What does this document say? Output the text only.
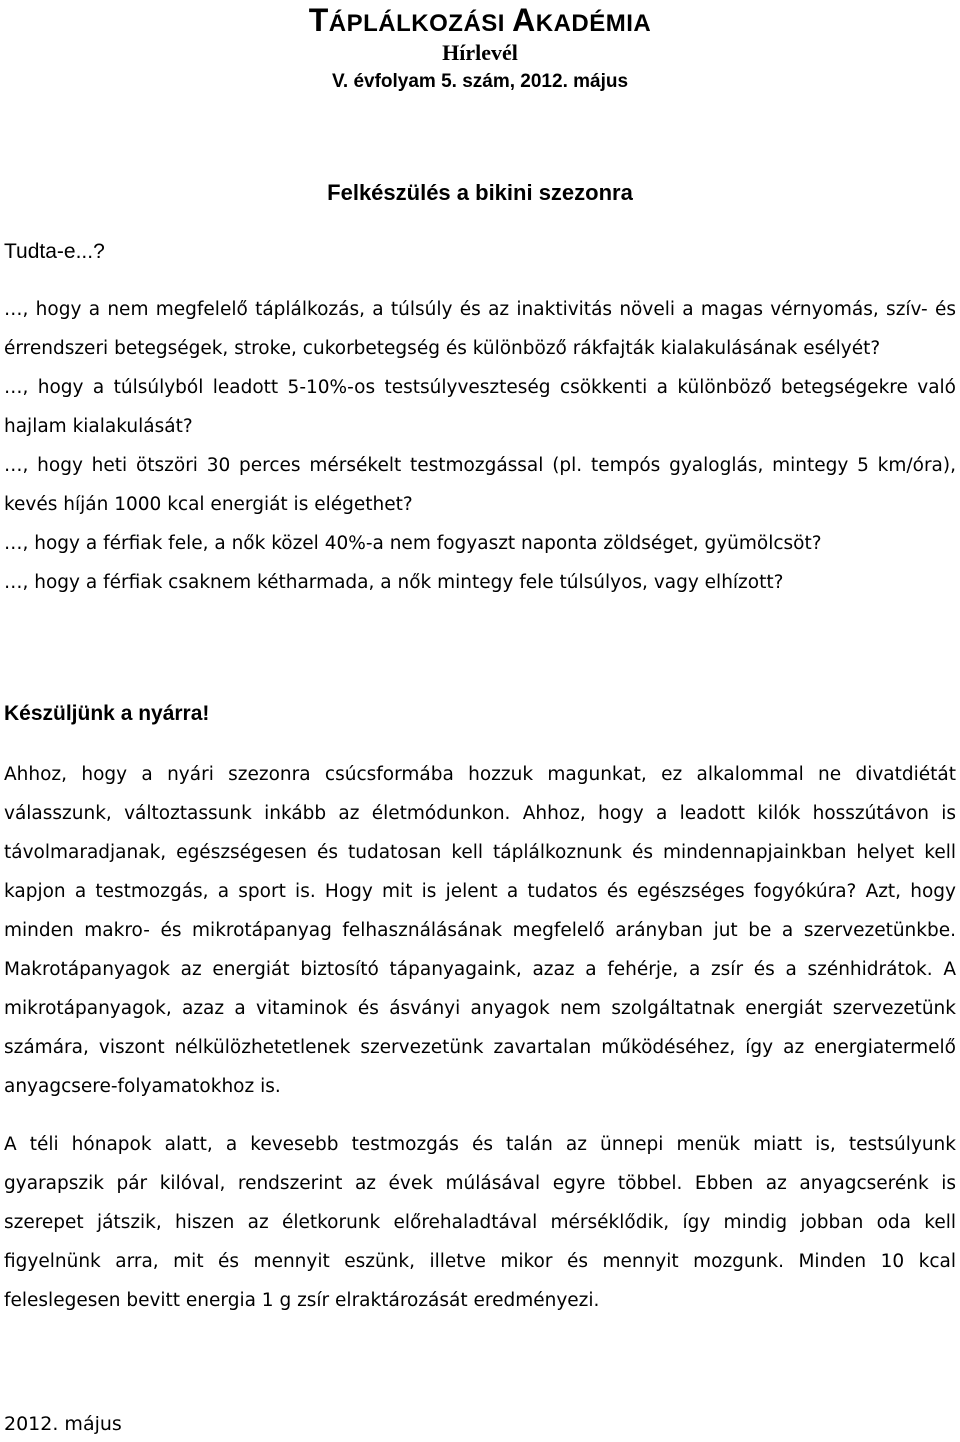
TÁPLÁLKOZÁSI AKADÉMIA
Hírlevél
V. évfolyam 5. szám, 2012. május
Felkészülés a bikini szezonra
Tudta-e...?

…, hogy a nem megfelelő táplálkozás, a túlsúly és az inaktivitás növeli a magas vérnyomás, szív- és érrendszeri betegségek, stroke, cukorbetegség és különböző rákfajták kialakulásának esélyét?

…, hogy a túlsúlyból leadott 5-10%-os testsúlyveszteség csökkenti a különböző betegségekre való hajlam kialakulását?

…, hogy heti ötszöri 30 perces mérsékelt testmozgással (pl. tempós gyaloglás, mintegy 5 km/óra), kevés híján 1000 kcal energiát is elégethet?

…, hogy a férfiak fele, a nők közel 40%-a nem fogyaszt naponta zöldséget, gyümölcsöt?

…, hogy a férfiak csaknem kétharmada, a nők mintegy fele túlsúlyos, vagy elhízott?

Készüljünk a nyárra!

Ahhoz, hogy a nyári szezonra csúcsformába hozzuk magunkat, ez alkalommal ne divatdiétát válasszunk, változtassunk inkább az életmódunkon. Ahhoz, hogy a leadott kilók hosszútávon is távolmaradjanak, egészségesen és tudatosan kell táplálkoznunk és mindennapjainkban helyet kell kapjon a testmozgás, a sport is. Hogy mit is jelent a tudatos és egészséges fogyókúra? Azt, hogy minden makro- és mikrotápanyag felhasználásának megfelelő arányban jut be a szervezetünkbe. Makrotápanyagok az energiát biztosító tápanyagaink, azaz a fehérje, a zsír és a szénhidrátok. A mikrotápanyagok, azaz a vitaminok és ásványi anyagok nem szolgáltatnak energiát szervezetünk számára, viszont nélkülözhetetlenek szervezetünk zavartalan működéséhez, így az energiatermelő anyagcsere-folyamatokhoz is.

A téli hónapok alatt, a kevesebb testmozgás és talán az ünnepi menük miatt is, testsúlyunk gyarapszik pár kilóval, rendszerint az évek múlásával egyre többel. Ebben az anyagcserénk is szerepet játszik, hiszen az életkorunk előrehaladtával mérséklődik, így mindig jobban oda kell figyelnünk arra, mit és mennyit eszünk, illetve mikor és mennyit mozgunk. Minden 10 kcal feleslegesen bevitt energia 1 g zsír elraktározását eredményezi.

2012. május
